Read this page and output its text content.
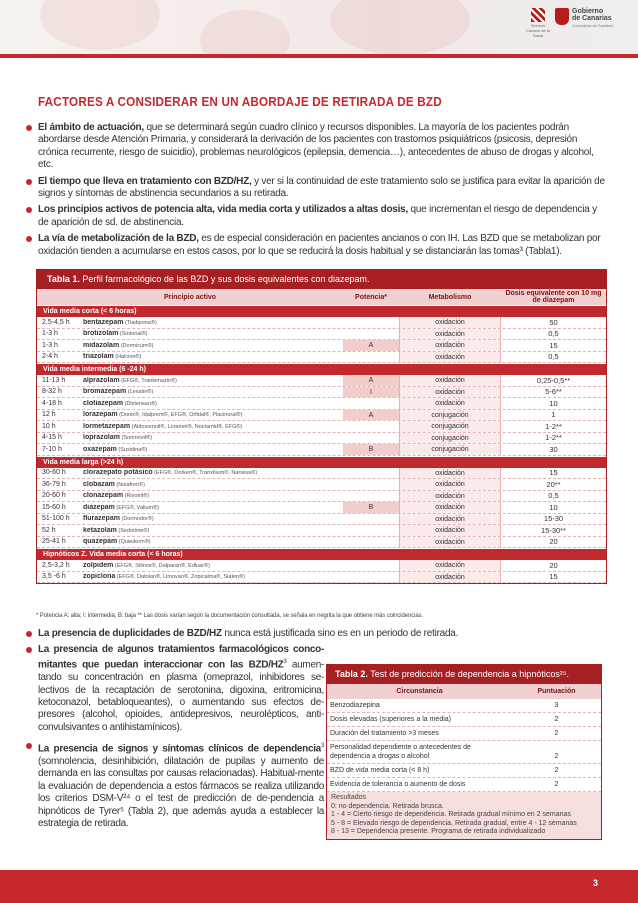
Servicio Canario de la Salud
Gobierno
de Canarias
Consejería de Sanidad
FACTORES A CONSIDERAR EN UN ABORDAJE DE RETIRADA DE BZD
El ámbito de actuación, que se determinará según cuadro clínico y recursos disponibles. La mayoría de los pacientes podrán abordarse desde Atención Primaria, y considerará la derivación de los pacientes con trastornos psiquiátricos (psicosis, depresión crónica recurrente, riesgo de suicidio), problemas neurológicos (epilepsia, demencia…), antecedentes de abuso de drogas y alcohol, etc.
El tiempo que lleva en tratamiento con BZD/HZ, y ver si la continuidad de este tratamiento solo se justifica para evitar la aparición de signos y síntomas de abstinencia secundarios a su retirada.
Los principios activos de potencia alta, vida media corta y utilizados a altas dosis, que incrementan el riesgo de dependencia y de aparición de sd. de abstinencia.
La vía de metabolización de la BZD, es de especial consideración en pacientes ancianos o con IH. Las BZD que se metabolizan por oxidación tienden a acumularse en estos casos, por lo que se reducirá la dosis habitual y se distanciarán las tomas³ (Tabla1).
Tabla 1. Perfil farmacológico de las BZD y sus dosis equivalentes con diazepam.
Principio activo	Potencia*	Metabolismo	Dosis equivalente con 10 mg de diazepam
Vida media corta (< 6 horas)
2,5-4,5 h	bentazepam (Tiadipona®)	oxidación	50
1-3 h	brotizolam (Sintonal®)	oxidación	0,5
1-3 h	midazolam (Dormicum®)	A	oxidación	15
2-4 h	triazolam (Halcion®)	oxidación	0,5
Vida media intermedia (6 -24 h)
11-13 h	alprazolam (EFG®, Trankimazin®)	A	oxidación	0,25-0,5**
8-32 h	bromazepam (Lexatin®)	I	oxidación	5-6**
4-18 h	clotiazepam (Distensan®)	oxidación	10
12 h	lorazepam (Donix®, Idalprem®, EFG®, Orfidal®, Placinoral®)	A	conjugación	1
10 h	lormetazepam (Aldosomnil®, Loramet®, Noctamid®, EFG®)	conjugación	1-2**
4-15 h	loprazolam (Somnovit®)	conjugación	1-2**
7-10 h	oxazepam (Suxidina®)	B	conjugación	30
Vida media larga (>24 h)
30-60 h	clorazepato potásico (EFG®, Dorken®, Tranxilium®, Nansius®)	oxidación	15
36-79 h	clobazam (Noiafren®)	oxidación	20**
20-60 h	clonazepam (Rivotril®)	oxidación	0,5
15-60 h	diazepam (EFG®, Valium®)	B	oxidación	10
51-100 h	flurazepam (Dormodor®)	oxidación	15-30
52 h	ketazolam (Sedotime®)	oxidación	15-30**
25-41 h	quazepam (Quiedorm®)	oxidación	20
Hipnóticos Z. Vida media corta (< 6 horas)
2,5-3,2 h	zolpidem (EFG®, Stilnox®, Dalparan®, Edluar®)	oxidación	20
3,5 -6 h	zopiclona (EFG®, Datolan®, Limovan®, Zopicalma®, Siaten®)	oxidación	15
* Potencia A: alta; I: intermedia; B: baja ** Las dosis varían según la documentación consultada, se señala en negrita la que obtiene más coincidencias.
La presencia de duplicidades de BZD/HZ nunca está justificada sino es en un periodo de retirada.
La presencia de algunos tratamientos farmacológicos conco-mitantes que puedan interaccionar con las BZD/$HZ^3$ aumen-tando su concentración en plasma (omeprazol, inhibidores se-lectivos de la recaptación de serotonina, digoxina, eritromicina, ketoconazol, betabloqueantes), o aumentando sus efectos de-presores (alcohol, opioides, antidepresivos, neurolépticos, anti-convulsivantes o antihistamínicos).
La presencia de signos y síntomas clínicos de dependencia$^3$ (somnolencia, desinhibición, dilatación de pupilas y aumento de demanda en las consultas por causas relacionadas). Habitual-mente la evaluación de dependencia a estos fármacos se realiza utilizando los criterios DSM-V²⁴ o el test de predicción de de-pendencia a hipnóticos de Tyrer⁵ (Tabla 2), que además ayuda a establecer la estrategia de retirada.
Tabla 2. Test de predicción de dependencia a hipnóticos²⁵.
Circunstancia	Puntuación
Benzodiazepina	3
Dosis elevadas (superiores a la media)	2
Duración del tratamiento >3 meses	2
Personalidad dependiente o antecedentes de dependencia a drogas o alcohol	2
BZD de vida media corta (< 8 h)	2
Evidencia de tolerancia o aumento de dosis	2
Resultados
0: no dependencia. Retirada brusca.
1 - 4 = Cierto riesgo de dependencia. Retirada gradual mínimo en 2 semanas
5 - 8 = Elevado riesgo de dependencia. Retirada gradual, entre 4 - 12 semanas
8 - 13 = Dependencia presente. Programa de retirada individualizado
3
